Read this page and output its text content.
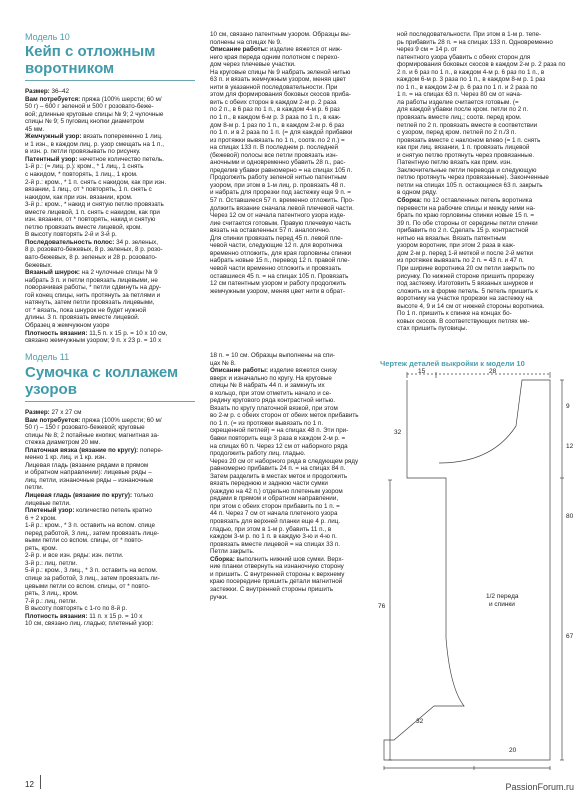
Модель 10
Кейп с отложным
воротником

Размер: 36–42

Вам потребуется: пряжа (100% шерсти; 60 м/

50 г) – 600 г зеленой и 500 г розовато-беже-

вой; длинные круговые спицы № 9; 2 чулочные

спицы № 9; 5 пуговиц кнопки диаметром

45 мм.

Жемчужный узор: вязать попеременно 1 лиц.

и 1 изн., в каждом лиц. р. узор смещать на 1 п.,

в изн. р. петли провязывать по рисунку.

Патентный узор: нечетное количество петель.

1-й р.: (= лиц. р.): кром., * 1 лиц., 1 снять

с накидом, * повторять, 1 лиц., 1 кром.

2-й р.: кром., * 1 п. снять с накидом, как при изн.

вязании, 1 лиц., от * повторять, 1 п. снять с

накидом, как при изн. вязании, кром.

3-й р.: кром., * накид и снятую петлю провязать

вместе лицевой, 1 п. снять с накидом, как при

изн. вязании, от * повторять, накид и снятую

петлю провязать вместе лицевой, кром.

В высоту повторять 2-й и 3-й р.

Последовательность полос: 34 р. зеленых,

8 р. розовато-бежевых, 8 р. зеленых, 8 р. розо-

вато-бежевых, 8 р. зеленых и 28 р. розовато-

бежевых.

Вязаный шнурок: на 2 чулочные спицы № 9

набрать 3 п. и петли провязать лицевыми, не

поворачивая работы, * петли сдвинуть на дру-

гой конец спицы, нить протянуть за петлями и

натянуть, затем петли провязать лицевыми,

от * вязать, пока шнурок не будет нужной

длины. 3 п. провязать вместе лицевой.

Образец в жемчужном узоре

Плотность вязания: 11,5 п. х 15 р. = 10 х 10 см,

связано жемчужным узором; 9 п. х 23 р. = 10 х

10 см, связано патентным узором. Образцы вы-

полнены на спицах № 9.

Описание работы: изделие вяжется от ниж-

него края переда одним полотном с перехо-

дом через плечевые участки.

На круговые спицы № 9 набрать зеленой нитью

63 п. и вязать жемчужным узором, меняя цвет

нити в указанной последовательности. При

этом для формирования боковых скосов приба-

вить с обеих сторон в каждом 2-м р. 2 раза

по 2 п., в 6 раз по 1 п., в каждом 4-м р. 6 раз

по 1 п., в каждом 6-м р. 3 раза по 1 п., в каж-

дом 8-м р. 1 раз по 1 п., в каждом 2-м р. 6 раз

по 1 п. и в 2 раза по 1 п. (= для каждой прибавки

из протяжки вывязать по 1 п., соотв. по 2 п.) =

на спицах 133 п. В последнем р. последней

(бежевой) полосы все петли провязать изн-

аночными и одновременно убавить 28 п., рас-

пределив убавки равномерно = на спицах 105 п.

Продолжить работу зеленой нитью патентным

узором, при этом в 1-м лиц. р. провязать 48 п.

и набрать для прорезки под застежку еще 9 п. =

57 п. Оставшиеся 57 п. временно отложить. Про-

должить вязание сначала левой плечевой части.

Через 12 см от начала патентного узора изде-

лие считается готовым. Правую плечевую часть

вязать на оставленных 57 п. аналогично.

Для спинки провязать перед 45 п. левой пле-

чевой части, следующие 12 п. для воротника

временно отложить, для края горловины спинки

набрать новые 15 п., перевод 12 п. правой пле-

чевой части временно отложить и провязать

оставшиеся 45 п. = на спицах 105 п. Провязать

12 см патентным узором и работу продолжить

жемчужным узором, меняя цвет нити в обрат-

ной последовательности. При этом в 1-м р. тепе-

рь прибавить 28 п. = на спицах 133 п. Одновременно через 9 см = 14 р. от

патентного узора убавить с обеих сторон для

формирования боковых скосов в каждом 2-м р. 2 раза по

2 п. и 6 раз по 1 п., в каждом 4-м р. 6 раз по 1 п., в

каждом 6-м р. 3 раза по 1 п., в каждом 8-м р. 1 раз

по 1 п., в каждом 2-м р. 6 раз по 1 п. и 2 раза по

1 п. = на спицах 63 п. Через 80 см от нача-

ла работы изделие считается готовым. (=

для каждой убавки после кром. петли по 2 п.

провязать вместе лиц.; соотв. перед кром.

петлей по 2 п. провязать вместе в соответствии

с узором, перед кром. петлей по 2 п./3 п.

провязать вместе с наклоном влево (= 1 п. снять

как при лиц. вязании, 1 п. провязать лицевой

и снятую петлю протянуть через провязанные.

Патентную петлю вязать как прим. изн.

Заключительные петли перевода и следующую

петлю протянуть через провязанные). Законченные

петли на спицах 105 п. остающиеся 63 п. закрыть

в одном ряду.

Сборка: по 12 оставленных петель воротника

перевести на рабочие спицы и между ними на-

брать по краю горловины спинки новые 15 п. =

39 п. По обе стороны от середины петли спинки

прибавить по 2 п. Сделать 15 р. контрастной

нитью на вязальн. Вязать патентным

узором воротник, при этом 2 раза в каж-

дом 2-м р. перед 1-й меткой и после 2-й метки

из протяжек вывязать по 2 п. = 43 п. и 47 п.

При ширине воротника 20 см петли закрыть по

рисунку. По нижней стороне пришить прорезку

под застежку. Изготовить 5 вязаных шнурков и

сложить их в форме петель. 5 петель пришить к

воротнику на участке прорезки на застежку на

высоте 4, 9 и 14 см от нижней стороны воротника.

По 1 п. пришить к спинке на концах бо-

ковых скосов. В соответствующих петлях ме-

стах пришить пуговицы.

Модель 11
Сумочка с коллажем
узоров

Размер: 27 х 27 см

Вам потребуется: пряжа (100% шерсти; 60 м/

50 г) – 150 г розовато-бежевой; круговые

спицы № 8; 2 потайные кнопки; магнитная за-

стежка диаметром 20 мм.

Платочная вязка (вязание по кругу): попере-

менно 1 кр. лиц. и 1 кр. изн.

Лицевая гладь (вязание рядами в прямом

и обратном направлении): лицевые ряды –

лиц. петли, изнаночные ряды – изнаночные

петли.

Лицевая гладь (вязание по кругу): только

лицевые петли.

Плетеный узор: количество петель кратно

6 + 2 кром.

1-й р.: кром., * 3 п. оставить на вспом. спице

перед работой, 3 лиц., затем провязать лице-

выми петли со вспом. спицы, от * повто-

рять, кром.

2-й р. и все изн. ряды: изн. петли.

3-й р.: лиц. петли.

5-й р.: кром., 3 лиц., * 3 п. оставить на вспом.

спице за работой, 3 лиц., затем провязать ли-

цевыми петли со вспом. спицы, от * повто-

рять, 3 лиц., кром.

7-й р.: лиц. петли.

В высоту повторять с 1-го по 8-й р.

Плотность вязания: 11 п. х 15 р. = 10 х

10 см, связано лиц. гладью; плетеный узор:

18 п. = 10 см. Образцы выполнены на спи-

цах № 8.

Описание работы: изделие вяжется снизу

вверх и изначально по кругу. На круговые

спицы № 8 набрать 44 п. и замкнуть их

в кольцо, при этом отметить начало и се-

редину кругового ряда контрастной нитью.

Вязать по кругу платочной вязкой, при этом

во 2-м р. с обеих сторон от обеих меток прибавить

по 1 п. (= из протяжки вывязать по 1 п.

скрещенной петлей) = на спицах 48 п. Эти при-

бавки повторить еще 3 раза в каждом 2-м р. =

на спицах 60 п. Через 12 см от наборного ряда

продолжить работу лиц. гладью.

Через 20 см от наборного ряда в следующем ряду

равномерно прибавить 24 п. = на спицах 84 п.

Затем разделить в местах меток и продолжить

вязать переднюю и заднюю части сумки

(каждую на 42 п.) отдельно плетеным узором

рядами в прямом и обратном направлении,

при этом с обеих сторон прибавить по 1 п. =

44 п. Через 7 см от начала плетеного узора

провязать для верхней планки еще 4 р. лиц.

гладью, при этом в 1-м р. убавить 11 п., в

каждом 3-м р. по 1 п. в каждую 3-ю и 4-ю п.

провязать вместе лицевой = на спицах 33 п.

Петли закрыть.

Сборка: выполнить нижний шов сумки. Верх-

ние планки отвернуть на изнаночную сторону

и пришить. С внутренней стороны к верхнему

краю посередине пришить детали магнитной

застежки. С внутренней стороны пришить

ручки.

Чертеж деталей выкройки к модели 10
15	28
32
9
12
80
76
67
32
20
1/2 переда
и спинки
12	PassionForum.ru
